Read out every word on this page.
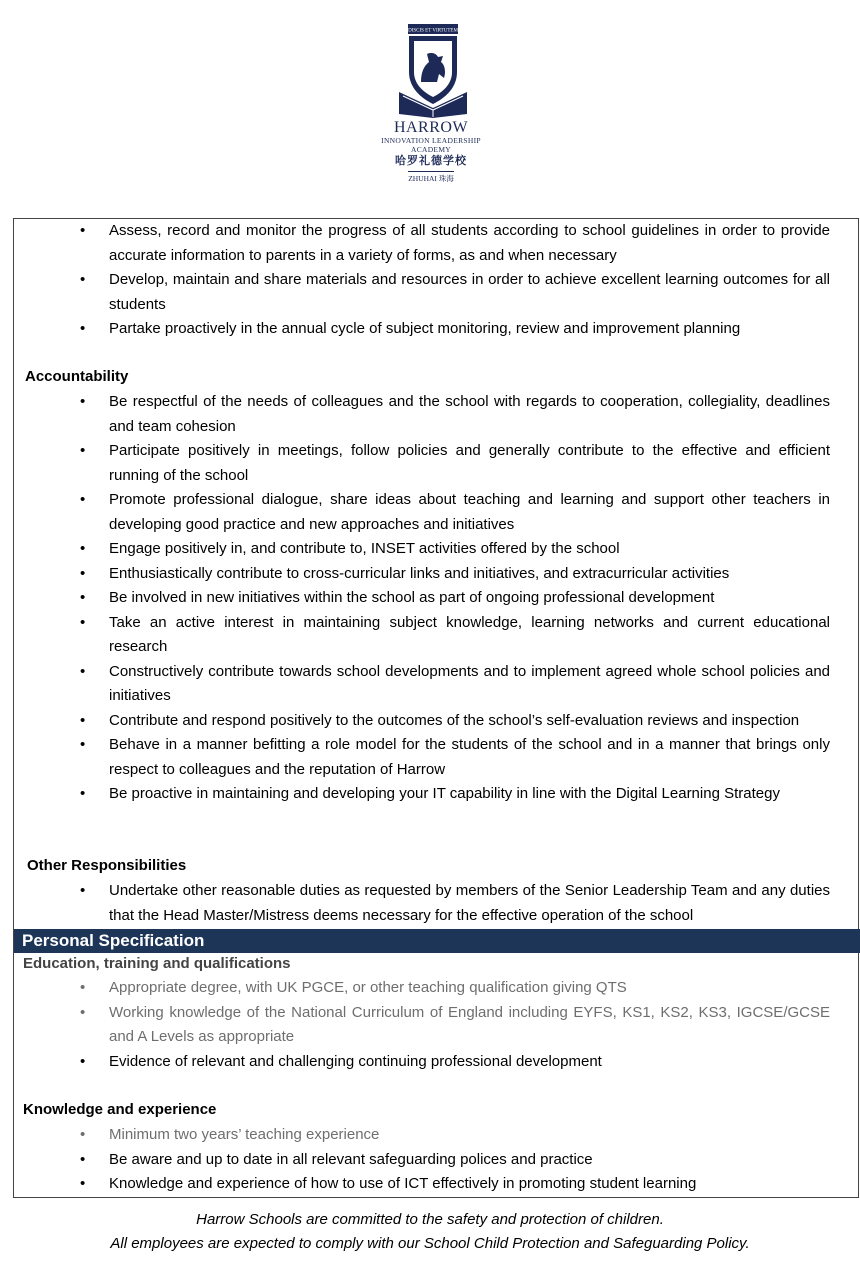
DISCIS ET VIRTUTEM
HARROW
INNOVATION LEADERSHIP
ACADEMY
哈罗礼德学校
ZHUHAI 珠海
• Assess, record and monitor the progress of all students according to school guidelines in order to provide accurate information to parents in a variety of forms, as and when necessary
• Develop, maintain and share materials and resources in order to achieve excellent learning outcomes for all students
• Partake proactively in the annual cycle of subject monitoring, review and improvement planning
Accountability
• Be respectful of the needs of colleagues and the school with regards to cooperation, collegiality, deadlines and team cohesion
• Participate positively in meetings, follow policies and generally contribute to the effective and efficient running of the school
• Promote professional dialogue, share ideas about teaching and learning and support other teachers in developing good practice and new approaches and initiatives
• Engage positively in, and contribute to, INSET activities offered by the school
• Enthusiastically contribute to cross-curricular links and initiatives, and extracurricular activities
• Be involved in new initiatives within the school as part of ongoing professional development
• Take an active interest in maintaining subject knowledge, learning networks and current educational research
• Constructively contribute towards school developments and to implement agreed whole school policies and initiatives
• Contribute and respond positively to the outcomes of the school’s self-evaluation reviews and inspection
• Behave in a manner befitting a role model for the students of the school and in a manner that brings only respect to colleagues and the reputation of Harrow
• Be proactive in maintaining and developing your IT capability in line with the Digital Learning Strategy
Other Responsibilities
• Undertake other reasonable duties as requested by members of the Senior Leadership Team and any duties that the Head Master/Mistress deems necessary for the effective operation of the school
Personal Specification
Education, training and qualifications
• Appropriate degree, with UK PGCE, or other teaching qualification giving QTS
• Working knowledge of the National Curriculum of England including EYFS, KS1, KS2, KS3, IGCSE/GCSE and A Levels as appropriate
• Evidence of relevant and challenging continuing professional development
Knowledge and experience
• Minimum two years’ teaching experience
• Be aware and up to date in all relevant safeguarding polices and practice
• Knowledge and experience of how to use of ICT effectively in promoting student learning
Harrow Schools are committed to the safety and protection of children.
All employees are expected to comply with our School Child Protection and Safeguarding Policy.
